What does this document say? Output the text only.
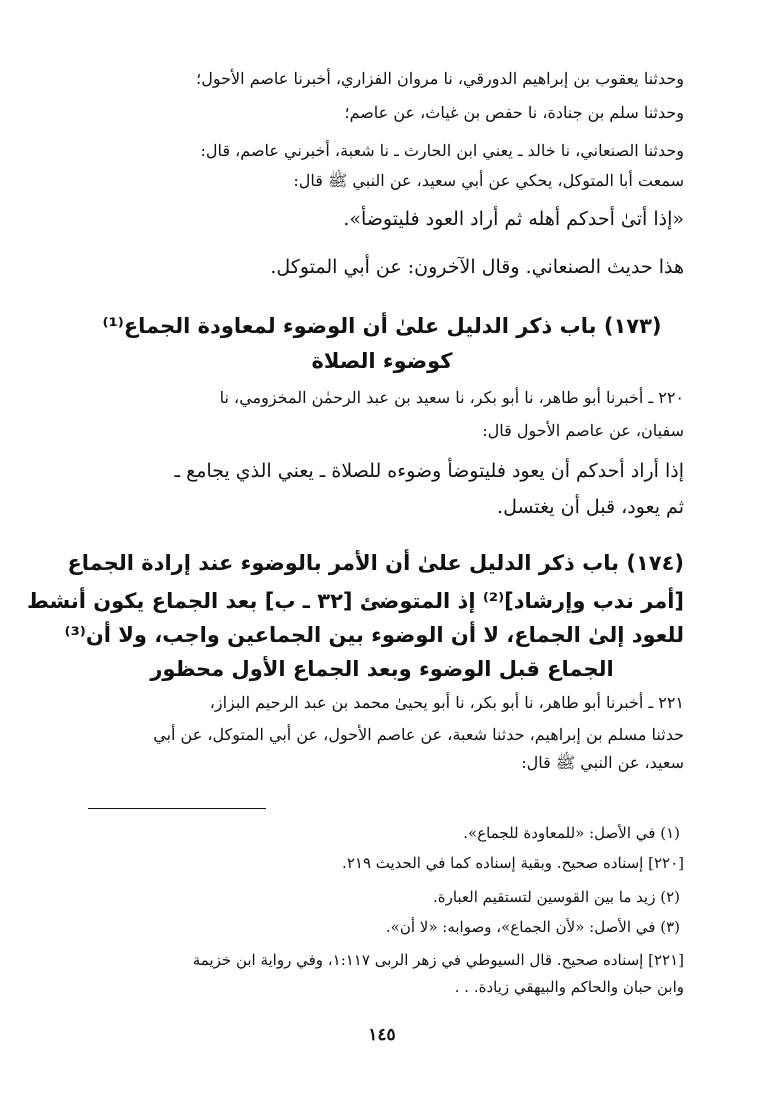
وحدثنا يعقوب بن إبراهيم الدورقي، نا مروان الفزاري، أخبرنا عاصم الأحول؛
وحدثنا سلم بن جنادة، نا حفص بن غياث، عن عاصم؛
وحدثنا الصنعاني، نا خالد ـ يعني ابن الحارث ـ نا شعبة، أخبرني عاصم، قال:
سمعت أبا المتوكل، يحكي عن أبي سعيد، عن النبي ﷺ قال:
«إذا أتىٰ أحدكم أهله ثم أراد العود فليتوضأ».
هذا حديث الصنعاني. وقال الآخرون: عن أبي المتوكل.
(١٧٣) باب ذكر الدليل علىٰ أن الوضوء لمعاودة الجماع⁽¹⁾
كوضوء الصلاة
٢٢٠ ـ أخبرنا أبو طاهر، نا أبو بكر، نا سعيد بن عبد الرحمٰن المخزومي، نا
سفيان، عن عاصم الأحول قال:
إذا أراد أحدكم أن يعود فليتوضأ وضوءه للصلاة ـ يعني الذي يجامع ـ
ثم يعود، قبل أن يغتسل.
(١٧٤) باب ذكر الدليل علىٰ أن الأمر بالوضوء عند إرادة الجماع
[أمر ندب وإرشاد]⁽²⁾ إذ المتوضئ [٣٢ ـ ب] بعد الجماع يكون أنشط
للعود إلىٰ الجماع، لا أن الوضوء بين الجماعين واجب، ولا أن⁽³⁾
الجماع قبل الوضوء وبعد الجماع الأول محظور
٢٢١ ـ أخبرنا أبو طاهر، نا أبو بكر، نا أبو يحيىٰ محمد بن عبد الرحيم البزاز،
حدثنا مسلم بن إبراهيم، حدثنا شعبة، عن عاصم الأحول، عن أبي المتوكل، عن أبي
سعيد، عن النبي ﷺ قال:
(١) في الأصل: «للمعاودة للجماع».
[٢٢٠] إسناده صحيح. وبقية إسناده كما في الحديث ٢١٩.
(٢) زيد ما بين القوسين لتستقيم العبارة.
(٣) في الأصل: «لأن الجماع»، وصوابه: «لا أن».
[٢٢١] إسناده صحيح. قال السيوطي في زهر الربى ١:١١٧، وفي رواية ابن خزيمة
وابن حبان والحاكم والبيهقي زيادة. . .
١٤٥
